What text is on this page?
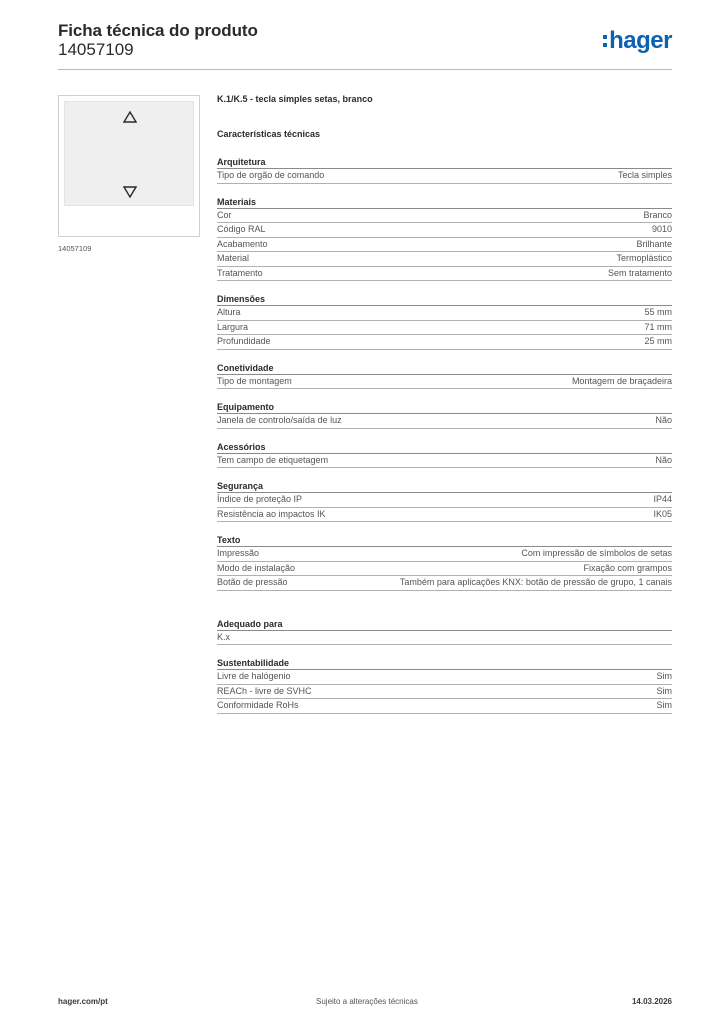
Ficha técnica do produto
14057109	hager
14057109
K.1/K.5 - tecla simples setas, branco
Características técnicas
Arquitetura
Tipo de orgão de comando	Tecla simples
Materiais
Cor	Branco
Código RAL	9010
Acabamento	Brilhante
Material	Termoplástico
Tratamento	Sem tratamento
Dimensões
Altura	55 mm
Largura	71 mm
Profundidade	25 mm
Conetividade
Tipo de montagem	Montagem de braçadeira
Equipamento
Janela de controlo/saída de luz	Não
Acessórios
Tem campo de etiquetagem	Não
Segurança
Índice de proteção IP	IP44
Resistência ao impactos IK	IK05
Texto
Impressão	Com impressão de símbolos de setas
Modo de instalação	Fixação com grampos
Botão de pressão	Também para aplicações KNX: botão de pressão de grupo, 1 canais
Adequado para
K.x
Sustentabilidade
Livre de halógenio	Sim
REACh - livre de SVHC	Sim
Conformidade RoHs	Sim
hager.com/pt	Sujeito a alterações técnicas	14.03.2026
